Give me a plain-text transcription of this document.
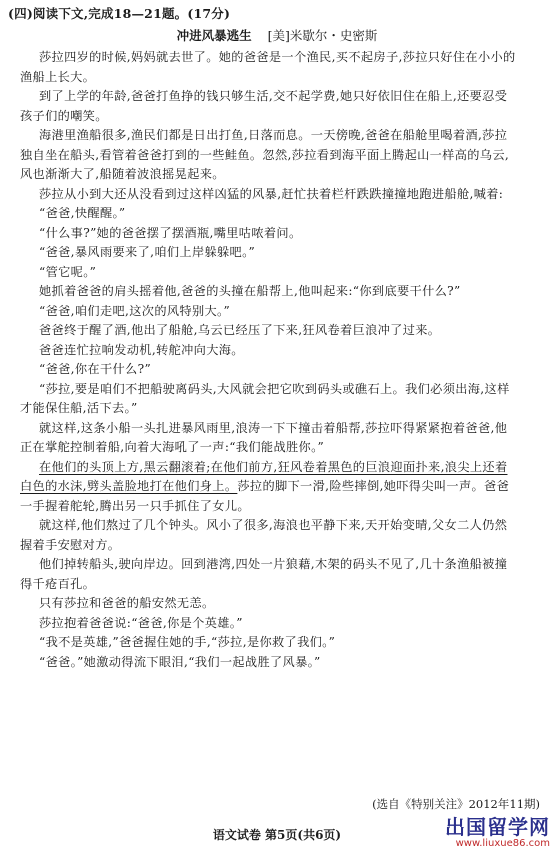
(四)阅读下文,完成18—21题。(17分)
冲进风暴逃生 [美]米歇尔・史密斯
莎拉四岁的时候,妈妈就去世了。她的爸爸是一个渔民,买不起房子,莎拉只好住在小小的
渔船上长大。
到了上学的年龄,爸爸打鱼挣的钱只够生活,交不起学费,她只好依旧住在船上,还要忍受
孩子们的嘲笑。
海港里渔船很多,渔民们都是日出打鱼,日落而息。一天傍晚,爸爸在船舱里喝着酒,莎拉
独自坐在船头,看管着爸爸打到的一些鲑鱼。忽然,莎拉看到海平面上腾起山一样高的乌云,
风也渐渐大了,船随着波浪摇晃起来。
莎拉从小到大还从没看到过这样凶猛的风暴,赶忙扶着栏杆跌跌撞撞地跑进船舱,喊着:
“爸爸,快醒醒。”
“什么事?”她的爸爸摆了摆酒瓶,嘴里咕哝着问。
“爸爸,暴风雨要来了,咱们上岸躲躲吧。”
“管它呢。”
她抓着爸爸的肩头摇着他,爸爸的头撞在船帮上,他叫起来:“你到底要干什么?”
“爸爸,咱们走吧,这次的风特别大。”
爸爸终于醒了酒,他出了船舱,乌云已经压了下来,狂风卷着巨浪冲了过来。
爸爸连忙拉响发动机,转舵冲向大海。
“爸爸,你在干什么?”
“莎拉,要是咱们不把船驶离码头,大风就会把它吹到码头或礁石上。我们必须出海,这样
才能保住船,活下去。”
就这样,这条小船一头扎进暴风雨里,浪涛一下下撞击着船帮,莎拉吓得紧紧抱着爸爸,他
正在掌舵控制着船,向着大海吼了一声:“我们能战胜你。”
在他们的头顶上方,黑云翻滚着;在他们前方,狂风卷着黑色的巨浪迎面扑来,浪尖上还着
白色的水沫,劈头盖脸地打在他们身上。莎拉的脚下一滑,险些摔倒,她吓得尖叫一声。爸爸
一手握着舵轮,腾出另一只手抓住了女儿。
就这样,他们熬过了几个钟头。风小了很多,海浪也平静下来,天开始变晴,父女二人仍然
握着手安慰对方。
他们掉转船头,驶向岸边。回到港湾,四处一片狼藉,木架的码头不见了,几十条渔船被撞
得千疮百孔。
只有莎拉和爸爸的船安然无恙。
莎拉抱着爸爸说:“爸爸,你是个英雄。”
“我不是英雄,”爸爸握住她的手,“莎拉,是你救了我们。”
“爸爸。”她激动得流下眼泪,“我们一起战胜了风暴。”
(选自《特别关注》2012年11期)
语文试卷 第5页(共6页)	出国留学网
www.liuxue86.com
